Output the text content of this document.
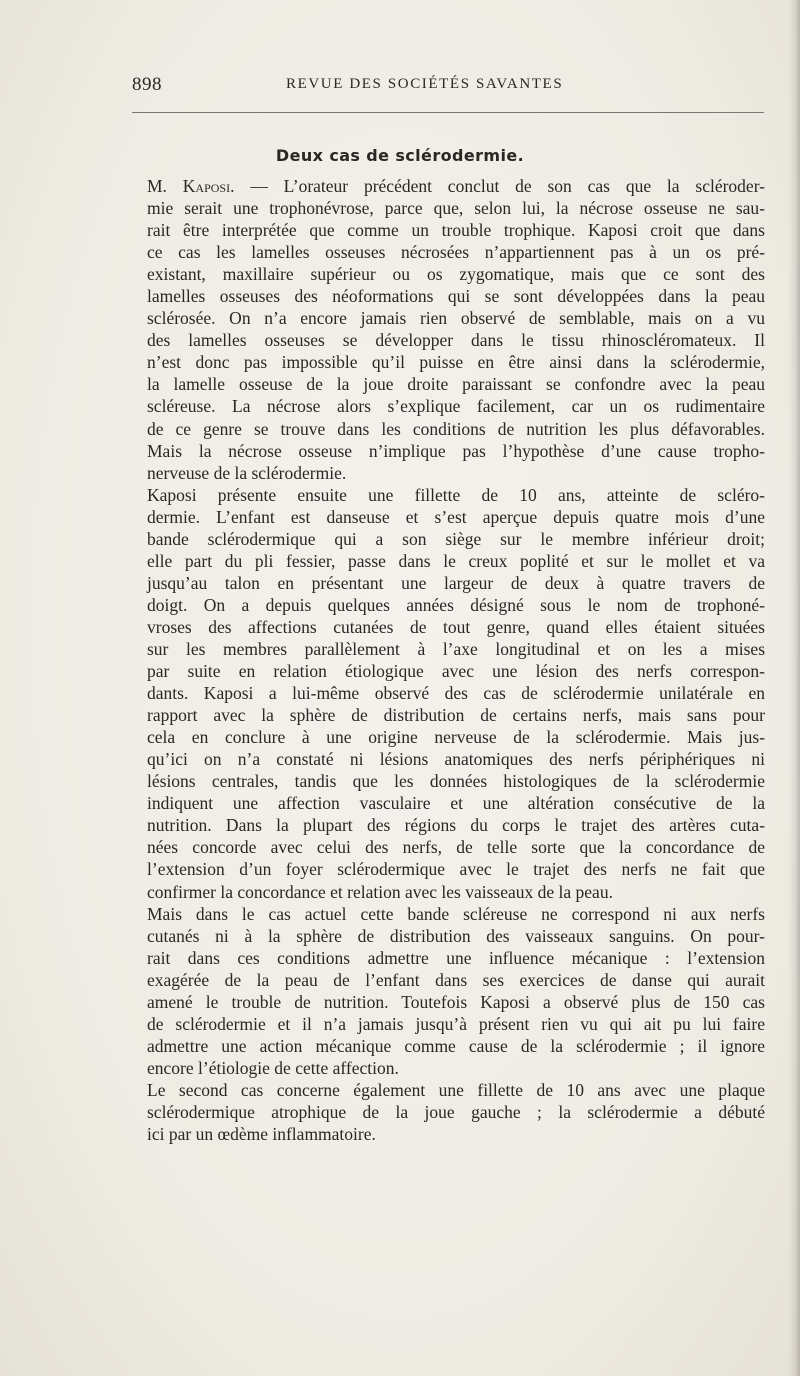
898	REVUE DES SOCIÉTÉS SAVANTES
Deux cas de sclérodermie.

M. Kaposi. — L’orateur précédent conclut de son cas que la scléroder-
mie serait une trophonévrose, parce que, selon lui, la nécrose osseuse ne sau-
rait être interprétée que comme un trouble trophique. Kaposi croit que dans
ce cas les lamelles osseuses nécrosées n’appartiennent pas à un os pré-
existant, maxillaire supérieur ou os zygomatique, mais que ce sont des
lamelles osseuses des néoformations qui se sont développées dans la peau
sclérosée. On n’a encore jamais rien observé de semblable, mais on a vu
des lamelles osseuses se développer dans le tissu rhinoscléromateux. Il
n’est donc pas impossible qu’il puisse en être ainsi dans la sclérodermie,
la lamelle osseuse de la joue droite paraissant se confondre avec la peau
scléreuse. La nécrose alors s’explique facilement, car un os rudimentaire
de ce genre se trouve dans les conditions de nutrition les plus défavorables.
Mais la nécrose osseuse n’implique pas l’hypothèse d’une cause tropho-
nerveuse de la sclérodermie.

Kaposi présente ensuite une fillette de 10 ans, atteinte de scléro-
dermie. L’enfant est danseuse et s’est aperçue depuis quatre mois d’une
bande sclérodermique qui a son siège sur le membre inférieur droit;
elle part du pli fessier, passe dans le creux poplité et sur le mollet et va
jusqu’au talon en présentant une largeur de deux à quatre travers de
doigt. On a depuis quelques années désigné sous le nom de trophoné-
vroses des affections cutanées de tout genre, quand elles étaient situées
sur les membres parallèlement à l’axe longitudinal et on les a mises
par suite en relation étiologique avec une lésion des nerfs correspon-
dants. Kaposi a lui-même observé des cas de sclérodermie unilatérale en
rapport avec la sphère de distribution de certains nerfs, mais sans pour
cela en conclure à une origine nerveuse de la sclérodermie. Mais jus-
qu’ici on n’a constaté ni lésions anatomiques des nerfs périphériques ni
lésions centrales, tandis que les données histologiques de la sclérodermie
indiquent une affection vasculaire et une altération consécutive de la
nutrition. Dans la plupart des régions du corps le trajet des artères cuta-
nées concorde avec celui des nerfs, de telle sorte que la concordance de
l’extension d’un foyer sclérodermique avec le trajet des nerfs ne fait que
confirmer la concordance et relation avec les vaisseaux de la peau.

Mais dans le cas actuel cette bande scléreuse ne correspond ni aux nerfs
cutanés ni à la sphère de distribution des vaisseaux sanguins. On pour-
rait dans ces conditions admettre une influence mécanique : l’extension
exagérée de la peau de l’enfant dans ses exercices de danse qui aurait
amené le trouble de nutrition. Toutefois Kaposi a observé plus de 150 cas
de sclérodermie et il n’a jamais jusqu’à présent rien vu qui ait pu lui faire
admettre une action mécanique comme cause de la sclérodermie ; il ignore
encore l’étiologie de cette affection.

Le second cas concerne également une fillette de 10 ans avec une plaque
sclérodermique atrophique de la joue gauche ; la sclérodermie a débuté
ici par un œdème inflammatoire.
